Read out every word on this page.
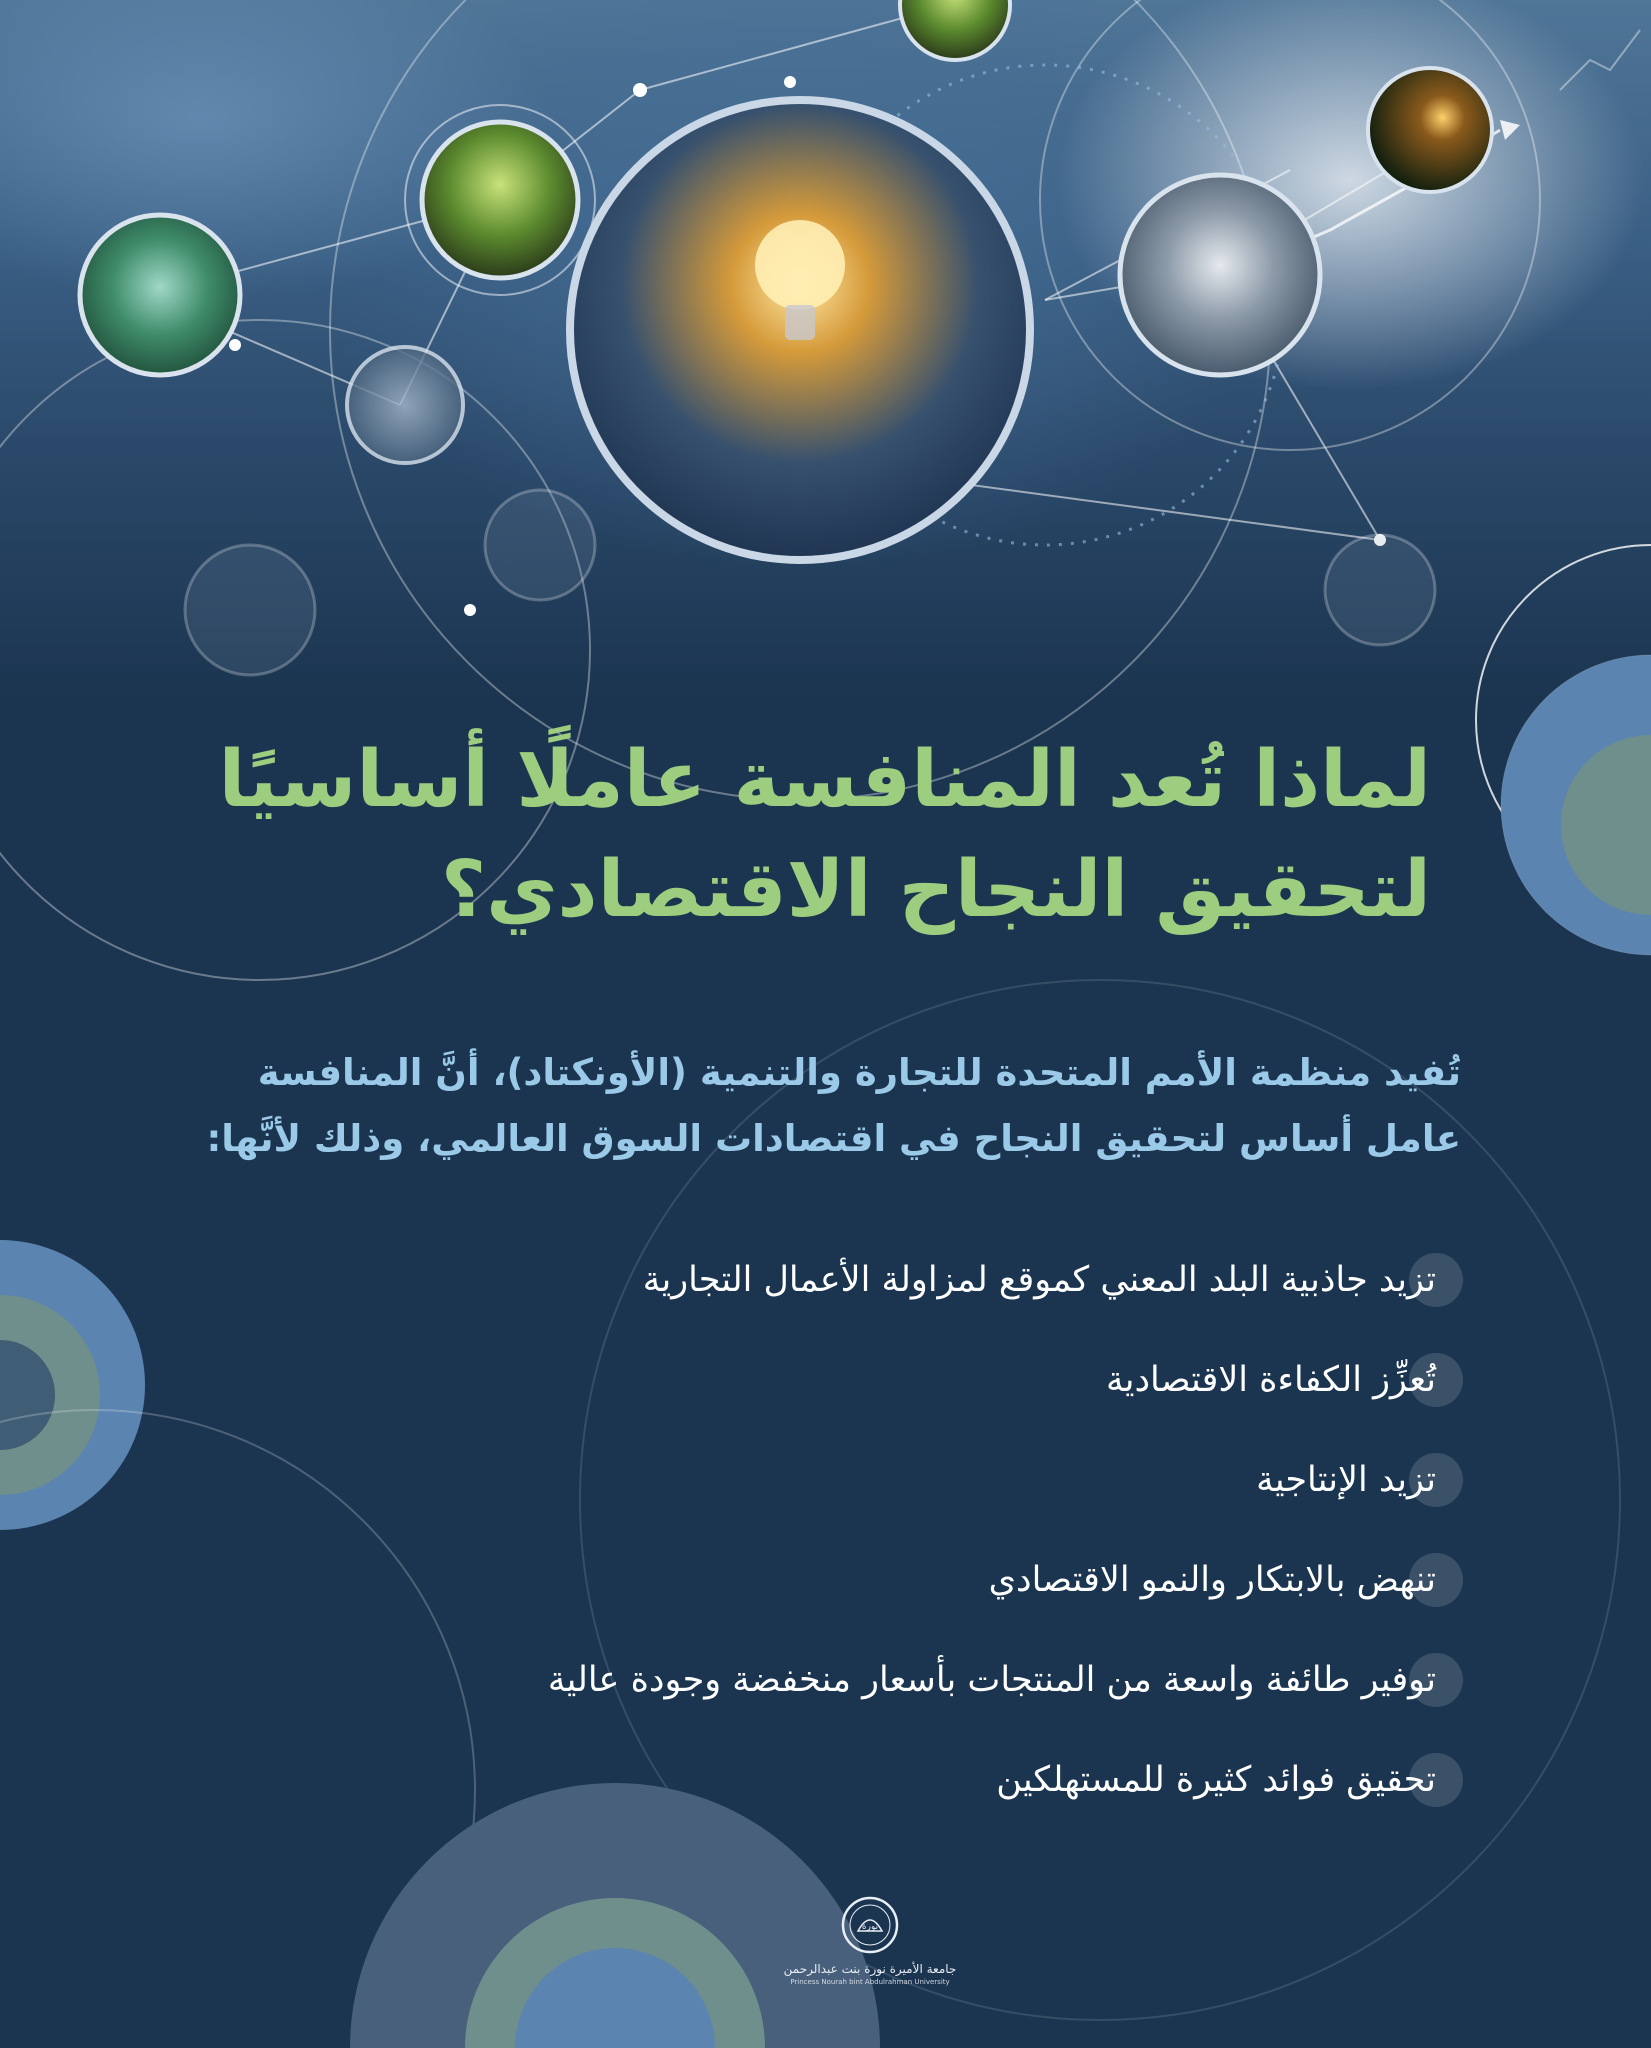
لماذا تُعد المنافسة عاملًا أساسيًا
لتحقيق النجاح الاقتصادي؟

تُفيد منظمة الأمم المتحدة للتجارة والتنمية (الأونكتاد)، أنَّ المنافسة
عامل أساس لتحقيق النجاح في اقتصادات السوق العالمي، وذلك لأنَّها:

تزيد جاذبية البلد المعني كموقع لمزاولة الأعمال التجارية
تُعزِّز الكفاءة الاقتصادية
تزيد الإنتاجية
تنهض بالابتكار والنمو الاقتصادي
توفير طائفة واسعة من المنتجات بأسعار منخفضة وجودة عالية
تحقيق فوائد كثيرة للمستهلكين
نورة
جامعة الأميرة نورة بنت عبدالرحمن
Princess Nourah bint Abdulrahman University
